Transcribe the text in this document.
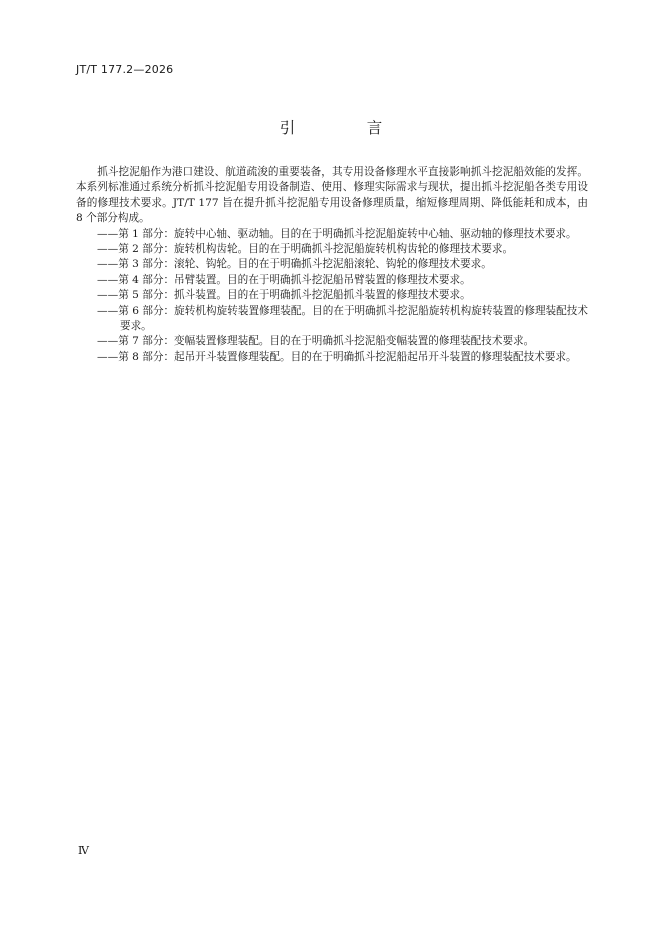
JT/T 177.2—2026
引　言

抓斗挖泥船作为港口建设、航道疏浚的重要装备，其专用设备修理水平直接影响抓斗挖泥船效能的发挥。本系列标准通过系统分析抓斗挖泥船专用设备制造、使用、修理实际需求与现状，提出抓斗挖泥船各类专用设备的修理技术要求。JT/T 177 旨在提升抓斗挖泥船专用设备修理质量，缩短修理周期、降低能耗和成本，由 8 个部分构成。

——第 1 部分：旋转中心轴、驱动轴。目的在于明确抓斗挖泥船旋转中心轴、驱动轴的修理技术要求。

——第 2 部分：旋转机构齿轮。目的在于明确抓斗挖泥船旋转机构齿轮的修理技术要求。

——第 3 部分：滚轮、钩轮。目的在于明确抓斗挖泥船滚轮、钩轮的修理技术要求。

——第 4 部分：吊臂装置。目的在于明确抓斗挖泥船吊臂装置的修理技术要求。

——第 5 部分：抓斗装置。目的在于明确抓斗挖泥船抓斗装置的修理技术要求。

——第 6 部分：旋转机构旋转装置修理装配。目的在于明确抓斗挖泥船旋转机构旋转装置的修理装配技术要求。

——第 7 部分：变幅装置修理装配。目的在于明确抓斗挖泥船变幅装置的修理装配技术要求。

——第 8 部分：起吊开斗装置修理装配。目的在于明确抓斗挖泥船起吊开斗装置的修理装配技术要求。

Ⅳ
